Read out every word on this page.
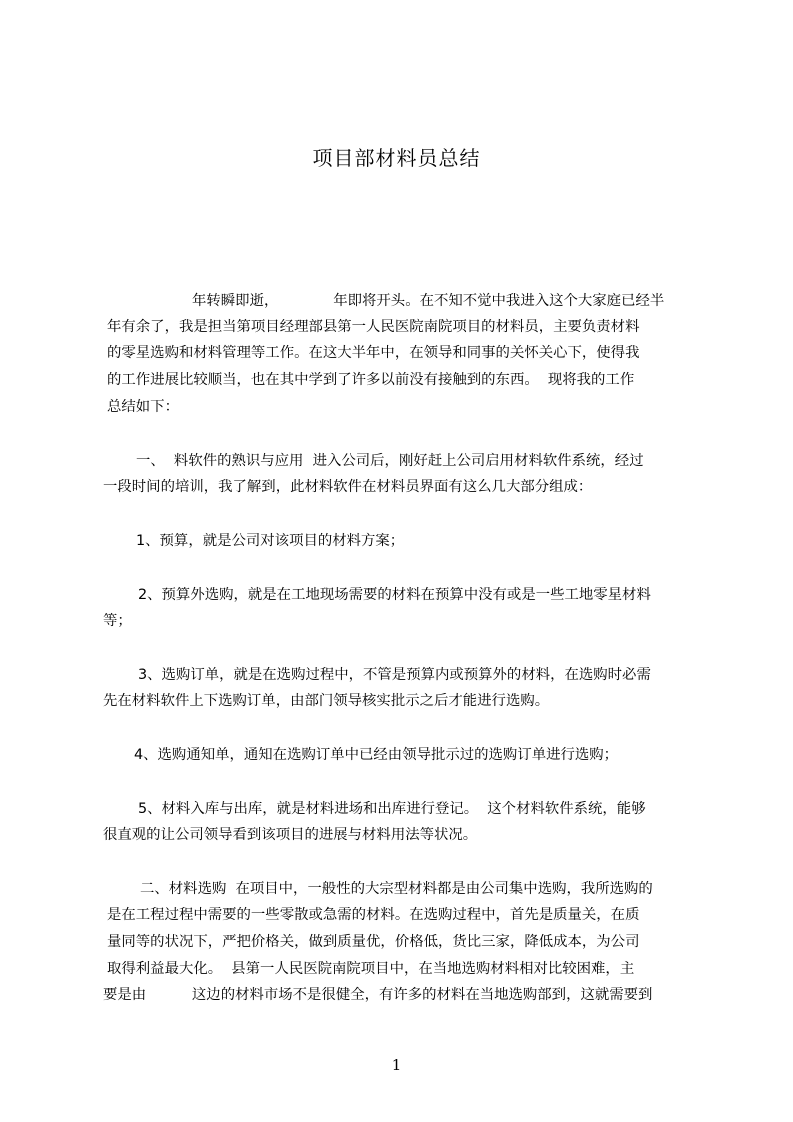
项目部材料员总结
年转瞬即逝，            年即将开头。在不知不觉中我进入这个大家庭已经半
年有余了，我是担当第项目经理部县第一人民医院南院项目的材料员，主要负责材料
的零星选购和材料管理等工作。在这大半年中，在领导和同事的关怀关心下，使得我
的工作进展比较顺当，也在其中学到了许多以前没有接触到的东西。  现将我的工作
总结如下：
一、  料软件的熟识与应用  进入公司后，刚好赶上公司启用材料软件系统，经过
一段时间的培训，我了解到，此材料软件在材料员界面有这么几大部分组成：
1、预算，就是公司对该项目的材料方案；
2、预算外选购，就是在工地现场需要的材料在预算中没有或是一些工地零星材料
等；
3、选购订单，就是在选购过程中，不管是预算内或预算外的材料，在选购时必需
先在材料软件上下选购订单，由部门领导核实批示之后才能进行选购。
4、选购通知单，通知在选购订单中已经由领导批示过的选购订单进行选购；
5、材料入库与出库，就是材料进场和出库进行登记。  这个材料软件系统，能够
很直观的让公司领导看到该项目的进展与材料用法等状况。
二、材料选购  在项目中，一般性的大宗型材料都是由公司集中选购，我所选购的
是在工程过程中需要的一些零散或急需的材料。在选购过程中，首先是质量关，在质
量同等的状况下，严把价格关，做到质量优，价格低，货比三家，降低成本，为公司
取得利益最大化。  县第一人民医院南院项目中，在当地选购材料相对比较困难，主
要是由          这边的材料市场不是很健全，有许多的材料在当地选购部到，这就需要到
1
